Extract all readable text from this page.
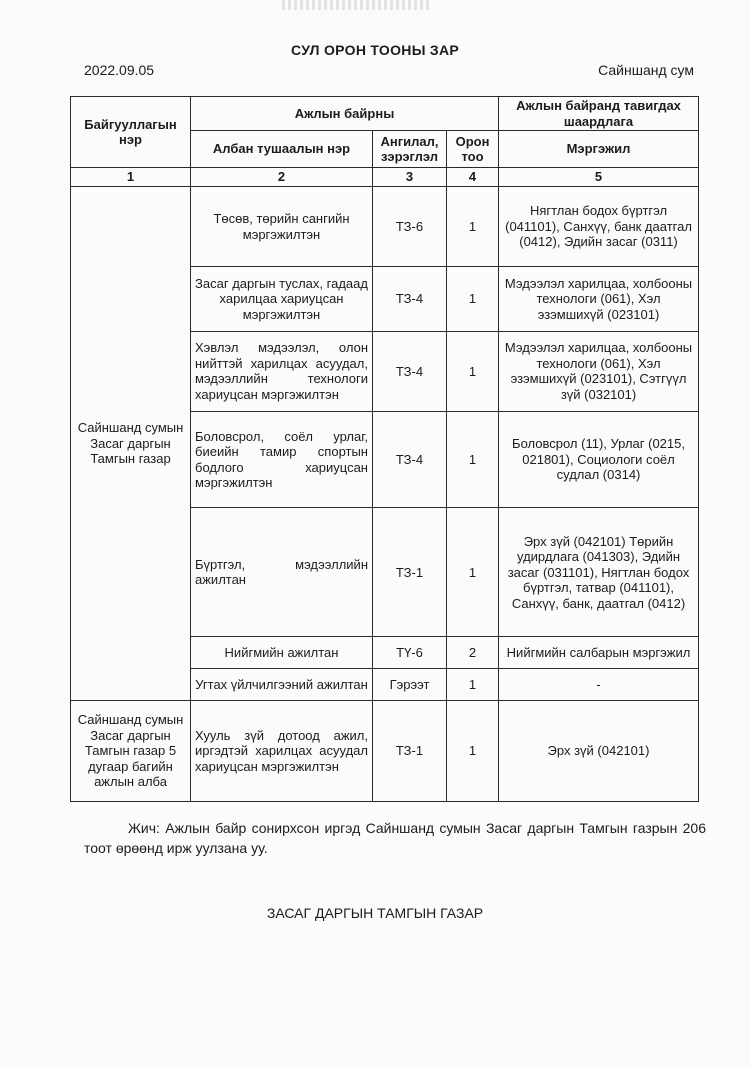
СУЛ ОРОН ТООНЫ ЗАР
2022.09.05	Сайншанд сум
Байгууллагын нэр	Ажлын байрны			Ажлын байранд тавигдах шаардлага
	Албан тушаалын нэр	Ангилал, зэрэглэл	Орон тоо	Мэргэжил
1	2	3	4	5
Сайншанд сумын Засаг даргын Тамгын газар	Төсөв, төрийн сангийн мэргэжилтэн	ТЗ-6	1	Нягтлан бодох бүртгэл (041101), Санхүү, банк даатгал (0412), Эдийн засаг (0311)
	Засаг даргын туслах, гадаад харилцаа хариуцсан мэргэжилтэн	ТЗ-4	1	Мэдээлэл харилцаа, холбооны технологи (061), Хэл эзэмшихүй (023101)
	Хэвлэл мэдээлэл, олон нийттэй харилцах асуудал, мэдээллийн технологи хариуцсан мэргэжилтэн	ТЗ-4	1	Мэдээлэл харилцаа, холбооны технологи (061), Хэл эзэмшихүй (023101), Сэтгүүл зүй (032101)
	Боловсрол, соёл урлаг, биеийн тамир спортын бодлого хариуцсан мэргэжилтэн	ТЗ-4	1	Боловсрол (11), Урлаг (0215, 021801), Социологи соёл судлал (0314)
	Бүртгэл, мэдээллийн ажилтан	ТЗ-1	1	Эрх зүй (042101) Төрийн удирдлага (041303), Эдийн засаг (031101), Нягтлан бодох бүртгэл, татвар (041101), Санхүү, банк, даатгал (0412)
	Нийгмийн ажилтан	ТҮ-6	2	Нийгмийн салбарын мэргэжил
	Угтах үйлчилгээний ажилтан	Гэрээт	1	-
Сайншанд сумын Засаг даргын Тамгын газар 5 дугаар багийн ажлын алба	Хууль зүй дотоод ажил, иргэдтэй харилцах асуудал хариуцсан мэргэжилтэн	ТЗ-1	1	Эрх зүй (042101)
Жич: Ажлын байр сонирхсон иргэд Сайншанд сумын Засаг даргын Тамгын газрын 206 тоот өрөөнд ирж уулзана уу.
ЗАСАГ ДАРГЫН ТАМГЫН ГАЗАР
